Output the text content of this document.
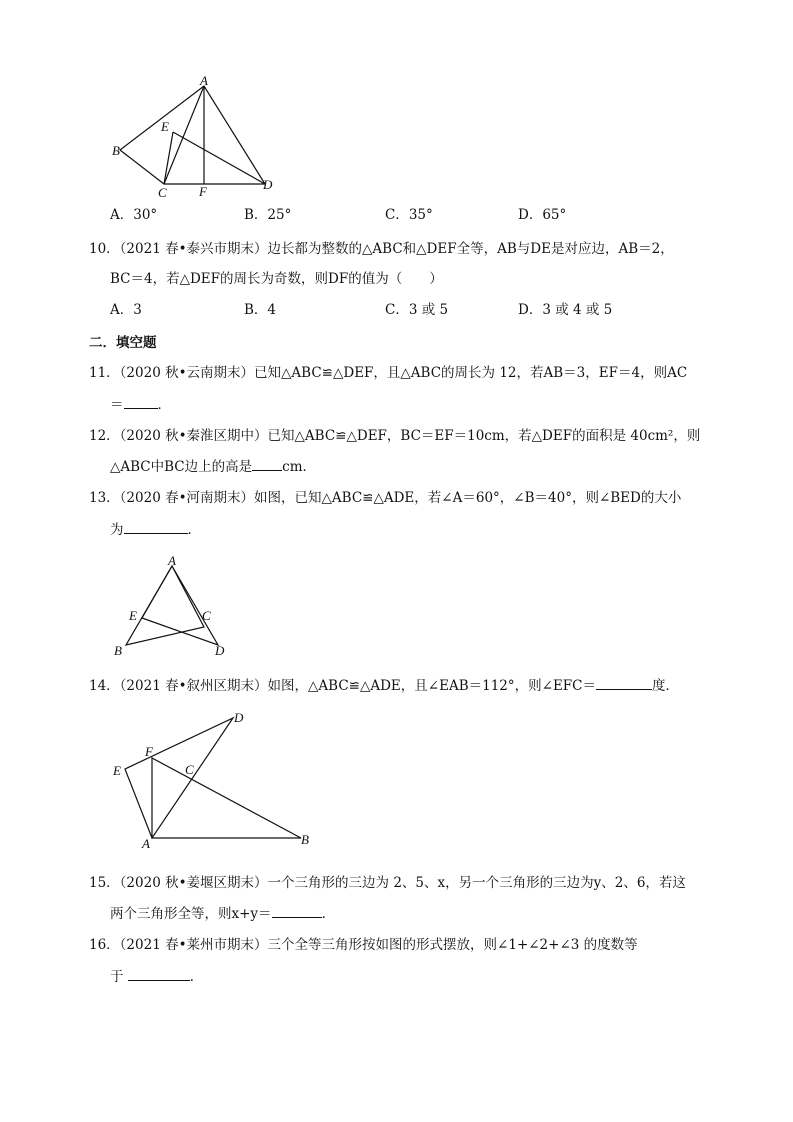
A
B
C
D
E
F
A．30°	B．25°	C．35°	D．65°
10．（2021 春•泰兴市期末）边长都为整数的△ABC和△DEF全等，AB与DE是对应边，AB＝2，
BC＝4，若△DEF的周长为奇数，则DF的值为（　　）
A．3	B．4	C．3 或 5	D．3 或 4 或 5
二．填空题
11．（2020 秋•云南期末）已知△ABC≌△DEF，且△ABC的周长为 12，若AB＝3，EF＝4，则AC
＝	．
12．（2020 秋•秦淮区期中）已知△ABC≌△DEF，BC＝EF＝10cm，若△DEF的面积是 40cm²，则
△ABC中BC边上的高是 cm．
13．（2020 春•河南期末）如图，已知△ABC≌△ADE，若∠A＝60°，∠B＝40°，则∠BED的大小
为	．
A
B
C
D
E
14．（2021 春•叙州区期末）如图，△ABC≌△ADE，且∠EAB＝112°，则∠EFC＝	度．
A	B
C
D
E
F
15．（2020 秋•姜堰区期末）一个三角形的三边为 2、5、x，另一个三角形的三边为y、2、6，若这
两个三角形全等，则x+y＝	．
16．（2021 春•莱州市期末）三个全等三角形按如图的形式摆放，则∠1+∠2+∠3 的度数等
于	．
